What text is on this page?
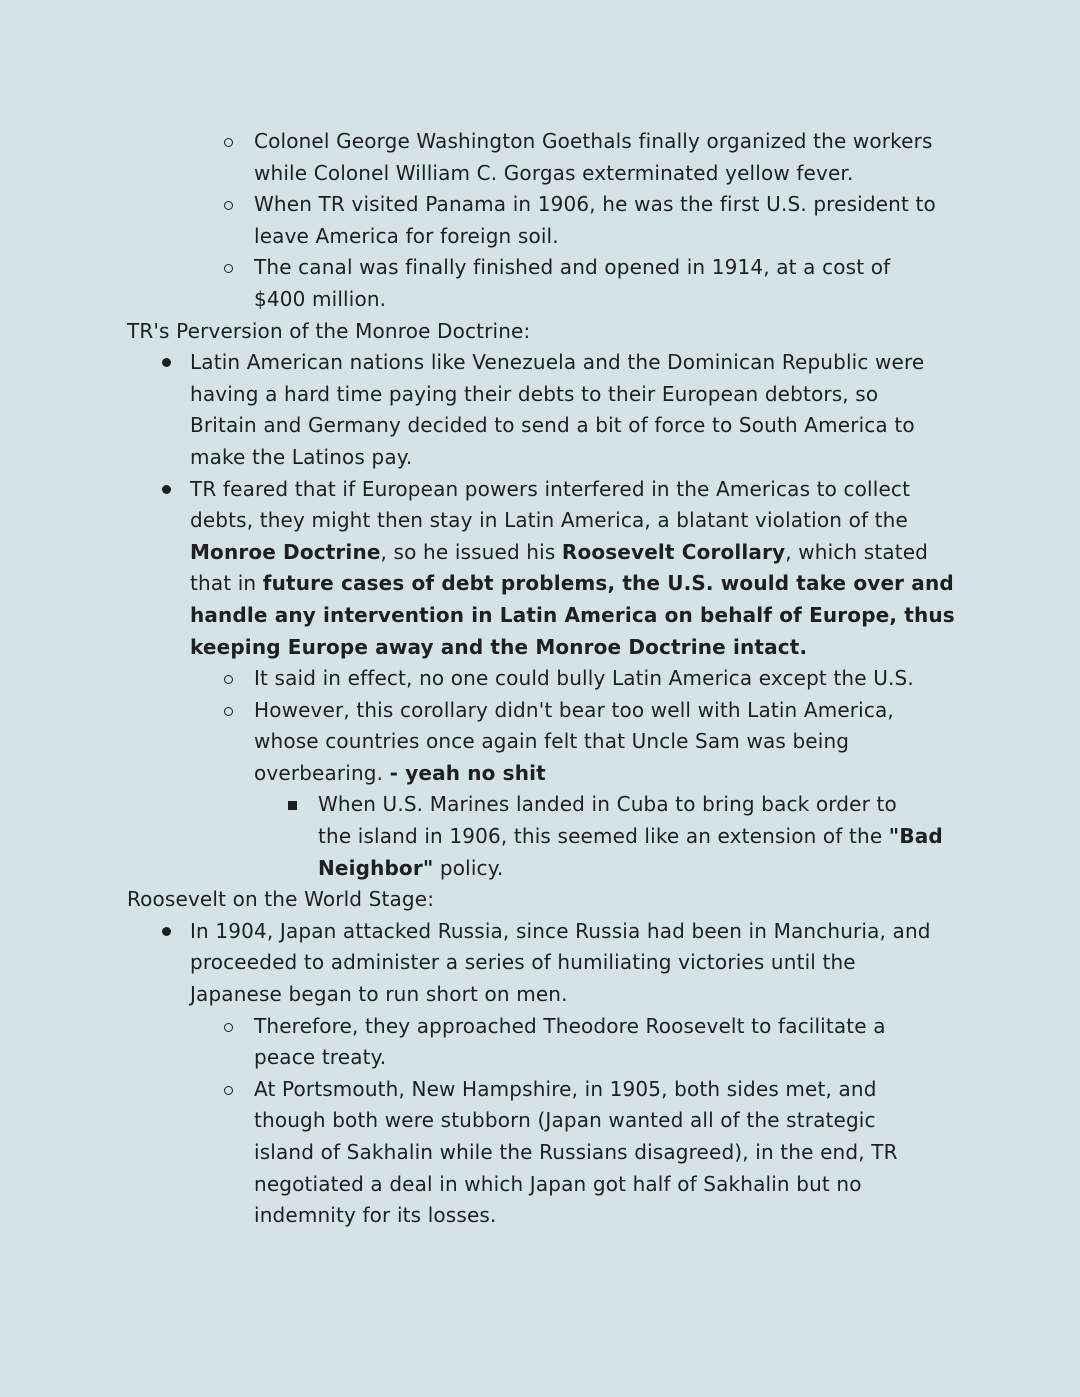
Colonel George Washington Goethals finally organized the workers
while Colonel William C. Gorgas exterminated yellow fever.
When TR visited Panama in 1906, he was the first U.S. president to
leave America for foreign soil.
The canal was finally finished and opened in 1914, at a cost of
$400 million.
TR's Perversion of the Monroe Doctrine:
Latin American nations like Venezuela and the Dominican Republic were
having a hard time paying their debts to their European debtors, so
Britain and Germany decided to send a bit of force to South America to
make the Latinos pay.
TR feared that if European powers interfered in the Americas to collect
debts, they might then stay in Latin America, a blatant violation of the
Monroe Doctrine, so he issued his Roosevelt Corollary, which stated
that in future cases of debt problems, the U.S. would take over and
handle any intervention in Latin America on behalf of Europe, thus
keeping Europe away and the Monroe Doctrine intact.
It said in effect, no one could bully Latin America except the U.S.
However, this corollary didn't bear too well with Latin America,
whose countries once again felt that Uncle Sam was being
overbearing. - yeah no shit
When U.S. Marines landed in Cuba to bring back order to
the island in 1906, this seemed like an extension of the "Bad
Neighbor" policy.
Roosevelt on the World Stage:
In 1904, Japan attacked Russia, since Russia had been in Manchuria, and
proceeded to administer a series of humiliating victories until the
Japanese began to run short on men.
Therefore, they approached Theodore Roosevelt to facilitate a
peace treaty.
At Portsmouth, New Hampshire, in 1905, both sides met, and
though both were stubborn (Japan wanted all of the strategic
island of Sakhalin while the Russians disagreed), in the end, TR
negotiated a deal in which Japan got half of Sakhalin but no
indemnity for its losses.
